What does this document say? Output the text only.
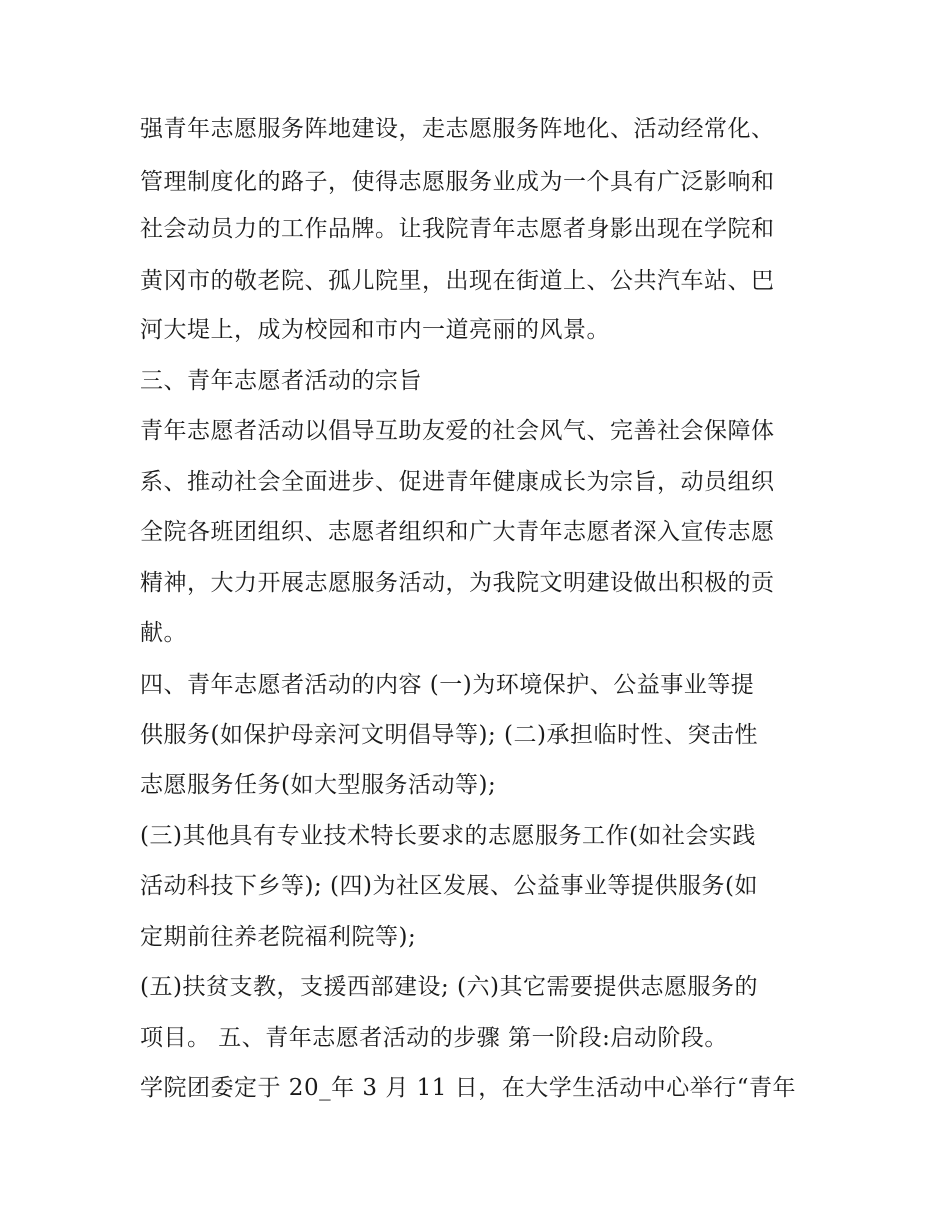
强青年志愿服务阵地建设，走志愿服务阵地化、活动经常化、

管理制度化的路子，使得志愿服务业成为一个具有广泛影响和

社会动员力的工作品牌。让我院青年志愿者身影出现在学院和

黄冈市的敬老院、孤儿院里，出现在街道上、公共汽车站、巴

河大堤上，成为校园和市内一道亮丽的风景。

三、青年志愿者活动的宗旨

青年志愿者活动以倡导互助友爱的社会风气、完善社会保障体

系、推动社会全面进步、促进青年健康成长为宗旨，动员组织

全院各班团组织、志愿者组织和广大青年志愿者深入宣传志愿

精神，大力开展志愿服务活动，为我院文明建设做出积极的贡

献。

四、青年志愿者活动的内容 (一)为环境保护、公益事业等提

供服务(如保护母亲河文明倡导等); (二)承担临时性、突击性

志愿服务任务(如大型服务活动等);

(三)其他具有专业技术特长要求的志愿服务工作(如社会实践

活动科技下乡等); (四)为社区发展、公益事业等提供服务(如

定期前往养老院福利院等);

(五)扶贫支教，支援西部建设; (六)其它需要提供志愿服务的

项目。 五、青年志愿者活动的步骤 第一阶段:启动阶段。

学院团委定于 20_年 3 月 11 日，在大学生活动中心举行“青年
